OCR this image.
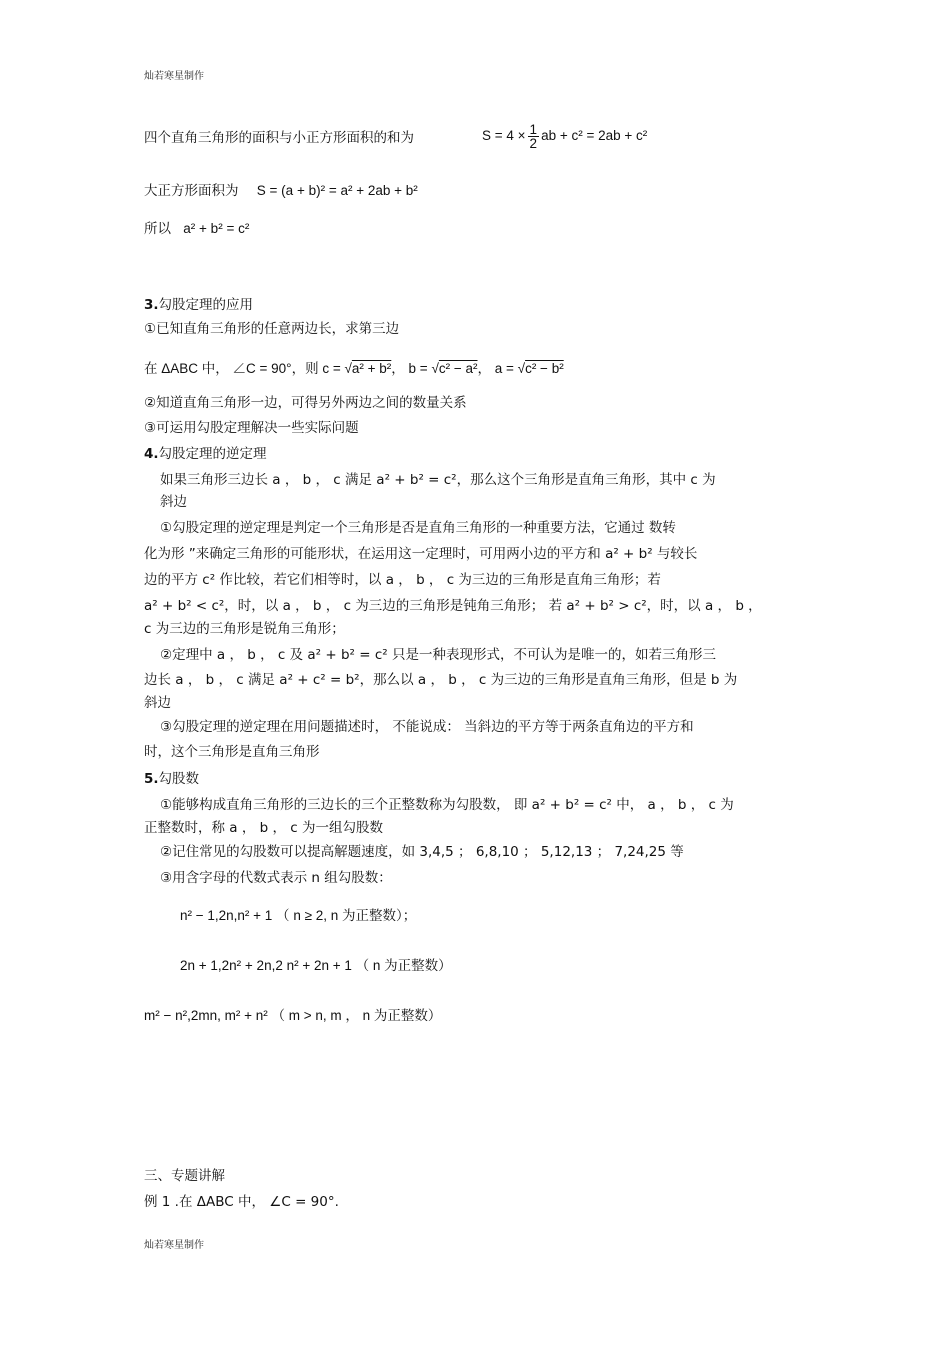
灿若寒星制作
四个直角三角形的面积与小正方形面积的和为	$S = 4 \times \frac{1}{2}$ ab + c² = 2ab + c²
大正方形面积为 S = (a + b)² = a² + 2ab + b²
所以 a² + b² = c²
3.勾股定理的应用
①已知直角三角形的任意两边长，求第三边
在 ΔABC 中， ∠C = 90°，则 c = √a² + b²， b = √c² − a²， a = √c² − b²
②知道直角三角形一边，可得另外两边之间的数量关系
③可运用勾股定理解决一些实际问题
4.勾股定理的逆定理
如果三角形三边长 a ， b ， c 满足 a² + b² = c²，那么这个三角形是直角三角形，其中 c 为
斜边
①勾股定理的逆定理是判定一个三角形是否是直角三角形的一种重要方法，它通过 数转
化为形 ”来确定三角形的可能形状，在运用这一定理时，可用两小边的平方和 a² + b² 与较长
边的平方 c² 作比较，若它们相等时，以 a ， b ， c 为三边的三角形是直角三角形；若
a² + b² < c²，时，以 a ， b ， c 为三边的三角形是钝角三角形； 若 a² + b² > c²，时，以 a ， b ，
c 为三边的三角形是锐角三角形；
②定理中 a ， b ， c 及 a² + b² = c² 只是一种表现形式，不可认为是唯一的，如若三角形三
边长 a ， b ， c 满足 a² + c² = b²，那么以 a ， b ， c 为三边的三角形是直角三角形，但是 b 为
斜边
③勾股定理的逆定理在用问题描述时， 不能说成： 当斜边的平方等于两条直角边的平方和
时，这个三角形是直角三角形
5.勾股数
①能够构成直角三角形的三边长的三个正整数称为勾股数， 即 a² + b² = c² 中， a ， b ， c 为
正整数时，称 a ， b ， c 为一组勾股数
②记住常见的勾股数可以提高解题速度，如 3,4,5 ； 6,8,10 ； 5,12,13 ； 7,24,25 等
③用含字母的代数式表示 n 组勾股数：
n² − 1,2n,n² + 1 （ n ≥ 2, n 为正整数）；
2n + 1,2n² + 2n,2 n² + 2n + 1 （ n 为正整数）
m² − n²,2mn, m² + n² （ m > n, m ， n 为正整数）
三、专题讲解
例 1 .在 ΔABC 中， ∠C = 90°.
灿若寒星制作
